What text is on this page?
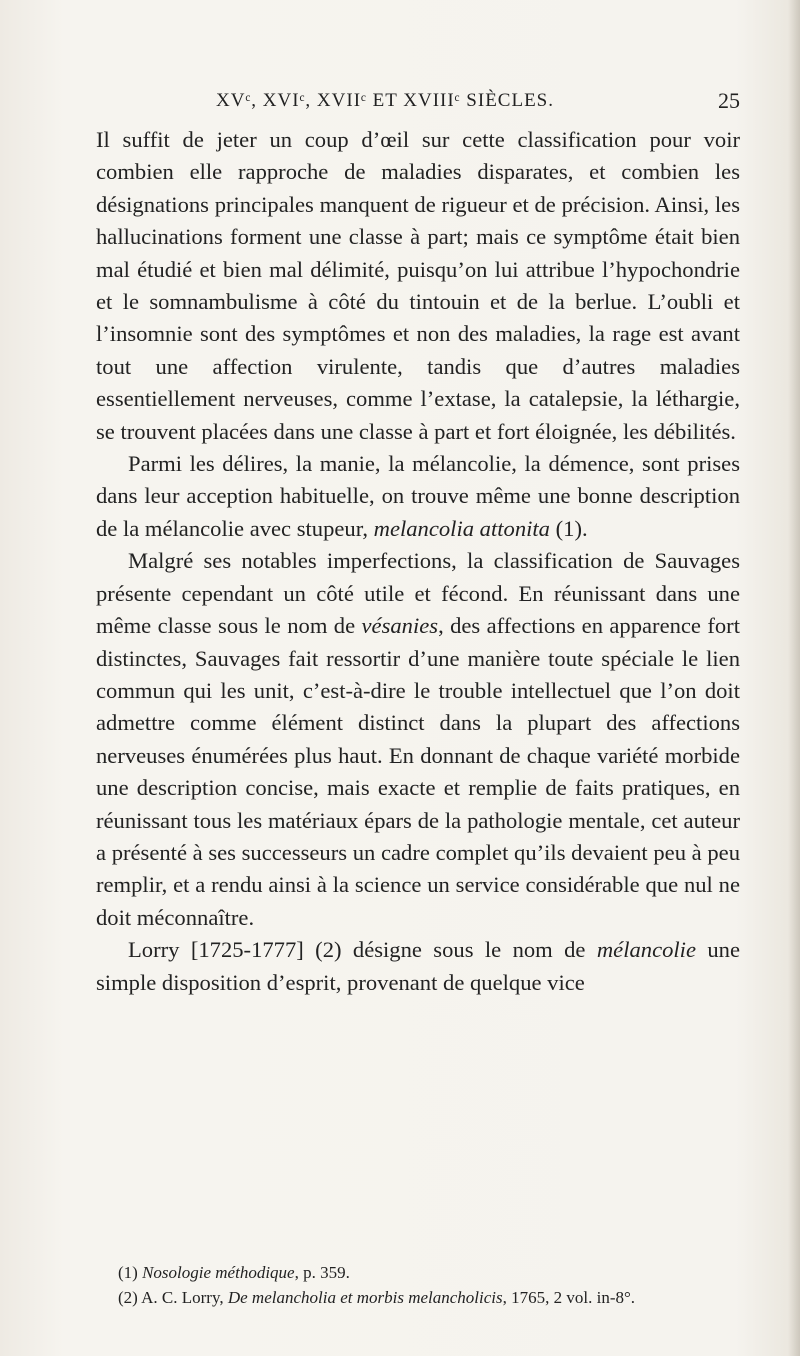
XVᶜ, XVIᶜ, XVIIᶜ ET XVIIIᶜ SIÈCLES.	25

Il suffit de jeter un coup d’œil sur cette classification pour voir combien elle rapproche de maladies disparates, et combien les désignations principales manquent de rigueur et de précision. Ainsi, les hallucinations forment une classe à part; mais ce symptôme était bien mal étudié et bien mal délimité, puisqu’on lui attribue l’hypochondrie et le somnambulisme à côté du tintouin et de la berlue. L’oubli et l’insomnie sont des symptômes et non des maladies, la rage est avant tout une affection virulente, tandis que d’autres maladies essentiellement nerveuses, comme l’extase, la catalepsie, la léthargie, se trouvent placées dans une classe à part et fort éloignée, les débilités.

Parmi les délires, la manie, la mélancolie, la démence, sont prises dans leur acception habituelle, on trouve même une bonne description de la mélancolie avec stupeur, melancolia attonita (1).

Malgré ses notables imperfections, la classification de Sauvages présente cependant un côté utile et fécond. En réunissant dans une même classe sous le nom de vésanies, des affections en apparence fort distinctes, Sauvages fait ressortir d’une manière toute spéciale le lien commun qui les unit, c’est-à-dire le trouble intellectuel que l’on doit admettre comme élément distinct dans la plupart des affections nerveuses énumérées plus haut. En donnant de chaque variété morbide une description concise, mais exacte et remplie de faits pratiques, en réunissant tous les matériaux épars de la pathologie mentale, cet auteur a présenté à ses successeurs un cadre complet qu’ils devaient peu à peu remplir, et a rendu ainsi à la science un service considérable que nul ne doit méconnaître.

Lorry [1725-1777] (2) désigne sous le nom de mélancolie une simple disposition d’esprit, provenant de quelque vice

(1) Nosologie méthodique, p. 359.

(2) A. C. Lorry, De melancholia et morbis melancholicis, 1765, 2 vol. in-8°.
